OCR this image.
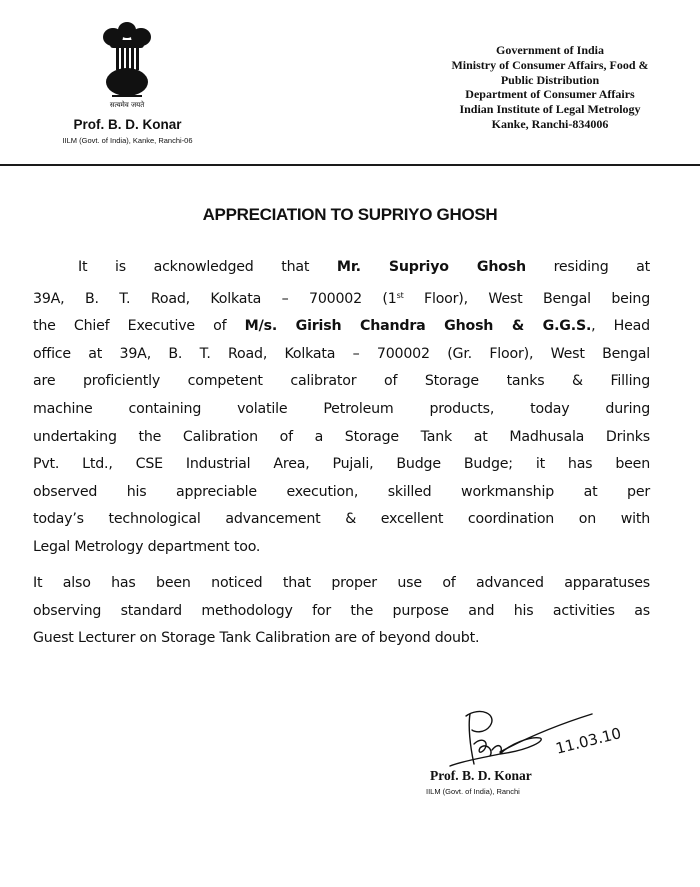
सत्यमेव जयते
Prof. B. D. Konar
IILM (Govt. of India), Kanke, Ranchi-06
Government of India
Ministry of Consumer Affairs, Food &
Public Distribution
Department of Consumer Affairs
Indian Institute of Legal Metrology
Kanke, Ranchi-834006
APPRECIATION TO SUPRIYO GHOSH
It is acknowledged that Mr. Supriyo Ghosh residing at
39A, B. T. Road, Kolkata – 700002 (1st Floor), West Bengal being
the Chief Executive of M/s. Girish Chandra Ghosh & G.G.S., Head
office at 39A, B. T. Road, Kolkata – 700002 (Gr. Floor), West Bengal
are proficiently competent calibrator of Storage tanks & Filling
machine containing volatile Petroleum products, today during
undertaking the Calibration of a Storage Tank at Madhusala Drinks
Pvt. Ltd., CSE Industrial Area, Pujali, Budge Budge; it has been
observed his appreciable execution, skilled workmanship at per
today’s technological advancement & excellent coordination on with
Legal Metrology department too.
It also has been noticed that proper use of advanced apparatuses
observing standard methodology for the purpose and his activities as
Guest Lecturer on Storage Tank Calibration are of beyond doubt.
11.03.10
Prof. B. D. Konar
IILM (Govt. of India), Ranchi
